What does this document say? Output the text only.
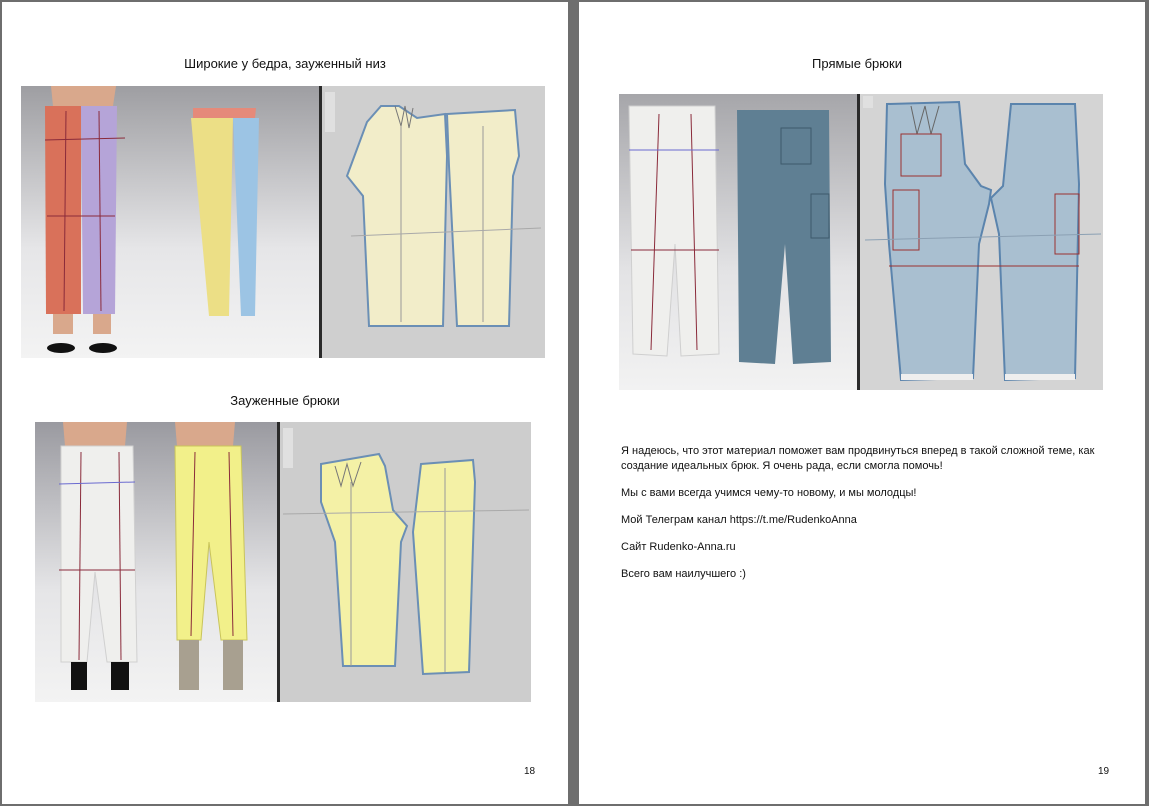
Широкие у бедра, зауженный низ
Зауженные брюки
18
Прямые брюки

Я надеюсь, что этот материал поможет вам продвинуться вперед в такой сложной теме, как создание идеальных брюк. Я очень рада, если смогла помочь!

Мы с вами всегда учимся чему-то новому, и мы молодцы!

Мой Телеграм канал https://t.me/RudenkoAnna

Сайт Rudenko-Anna.ru

Всего вам наилучшего :)

19
